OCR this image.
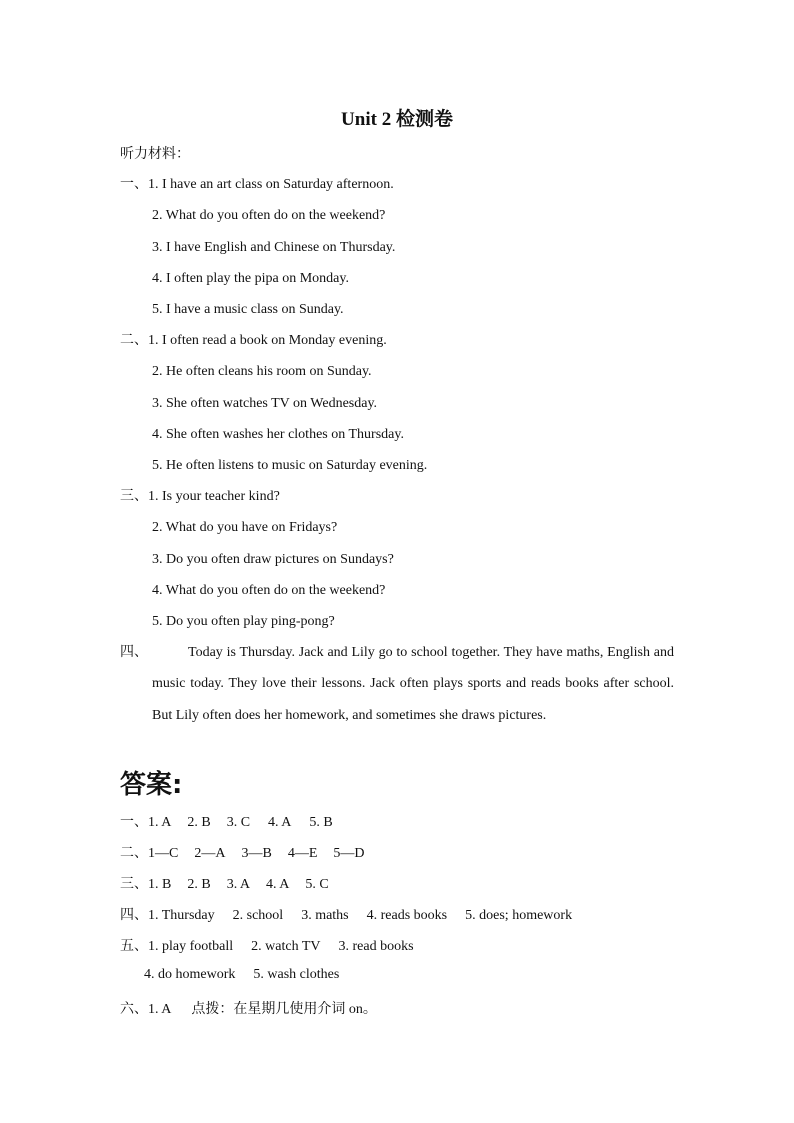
Unit 2 检测卷
听力材料：
一、1. I have an art class on Saturday afternoon.
2. What do you often do on the weekend?
3. I have English and Chinese on Thursday.
4. I often play the pipa on Monday.
5. I have a music class on Sunday.
二、1. I often read a book on Monday evening.
2. He often cleans his room on Sunday.
3. She often watches TV on Wednesday.
4. She often washes her clothes on Thursday.
5. He often listens to music on Saturday evening.
三、1. Is your teacher kind?
2. What do you have on Fridays?
3. Do you often draw pictures on Sundays?
4. What do you often do on the weekend?
5. Do you often play ping-pong?
四、	Today is Thursday. Jack and Lily go to school together. They have maths, English and music today. They love their lessons. Jack often plays sports and reads books after school. But Lily often does her homework, and sometimes she draws pictures.
答案:
一、1. A 2. B 3. C 4. A 5. B
二、1—C 2—A 3—B 4—E 5—D
三、1. B 2. B 3. A 4. A 5. C
四、1. Thursday 2. school 3. maths 4. reads books 5. does; homework
五、1. play football 2. watch TV 3. read books
4. do homework 5. wash clothes
六、1. A 点拨：在星期几使用介词 on。
